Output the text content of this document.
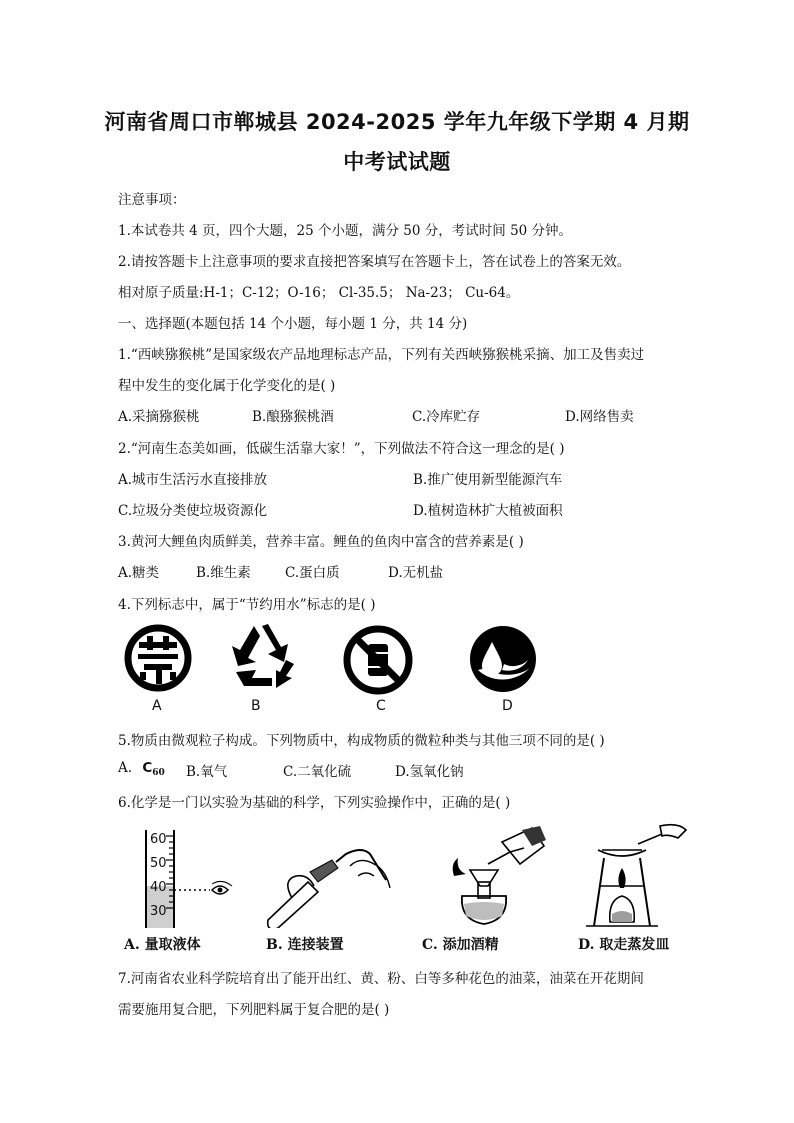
河南省周口市郸城县 2024-2025 学年九年级下学期 4 月期
中考试试题
注意事项：
1.本试卷共 4 页，四个大题，25 个小题，满分 50 分，考试时间 50 分钟。
2.请按答题卡上注意事项的要求直接把答案填写在答题卡上，答在试卷上的答案无效。
相对原子质量:H-1；C-12；O-16； Cl-35.5； Na-23； Cu-64。
一、选择题(本题包括 14 个小题，每小题 1 分，共 14 分)
1.“西峡猕猴桃”是国家级农产品地理标志产品，下列有关西峡猕猴桃采摘、加工及售卖过
程中发生的变化属于化学变化的是( )
A.采摘猕猴桃	B.酿猕猴桃酒	C.冷库贮存	D.网络售卖
2.“河南生态美如画，低碳生活靠大家！”，下列做法不符合这一理念的是( )
A.城市生活污水直接排放	B.推广使用新型能源汽车
C.垃圾分类使垃圾资源化	D.植树造林扩大植被面积
3.黄河大鲤鱼肉质鲜美，营养丰富。鲤鱼的鱼肉中富含的营养素是( )
A.糖类	B.维生素	C.蛋白质	D.无机盐
4.下列标志中，属于“节约用水”标志的是( )
A	B	C	D
5.物质由微观粒子构成。下列物质中，构成物质的微粒种类与其他三项不同的是( )
A. $C_{60}$ B.氧气	C.二氧化硫	D.氢氧化钠
6.化学是一门以实验为基础的科学，下列实验操作中，正确的是( )
60
50
40
30
A. 量取液体	B. 连接装置	C. 添加酒精	D. 取走蒸发皿
7.河南省农业科学院培育出了能开出红、黄、粉、白等多种花色的油菜，油菜在开花期间
需要施用复合肥，下列肥料属于复合肥的是( )
